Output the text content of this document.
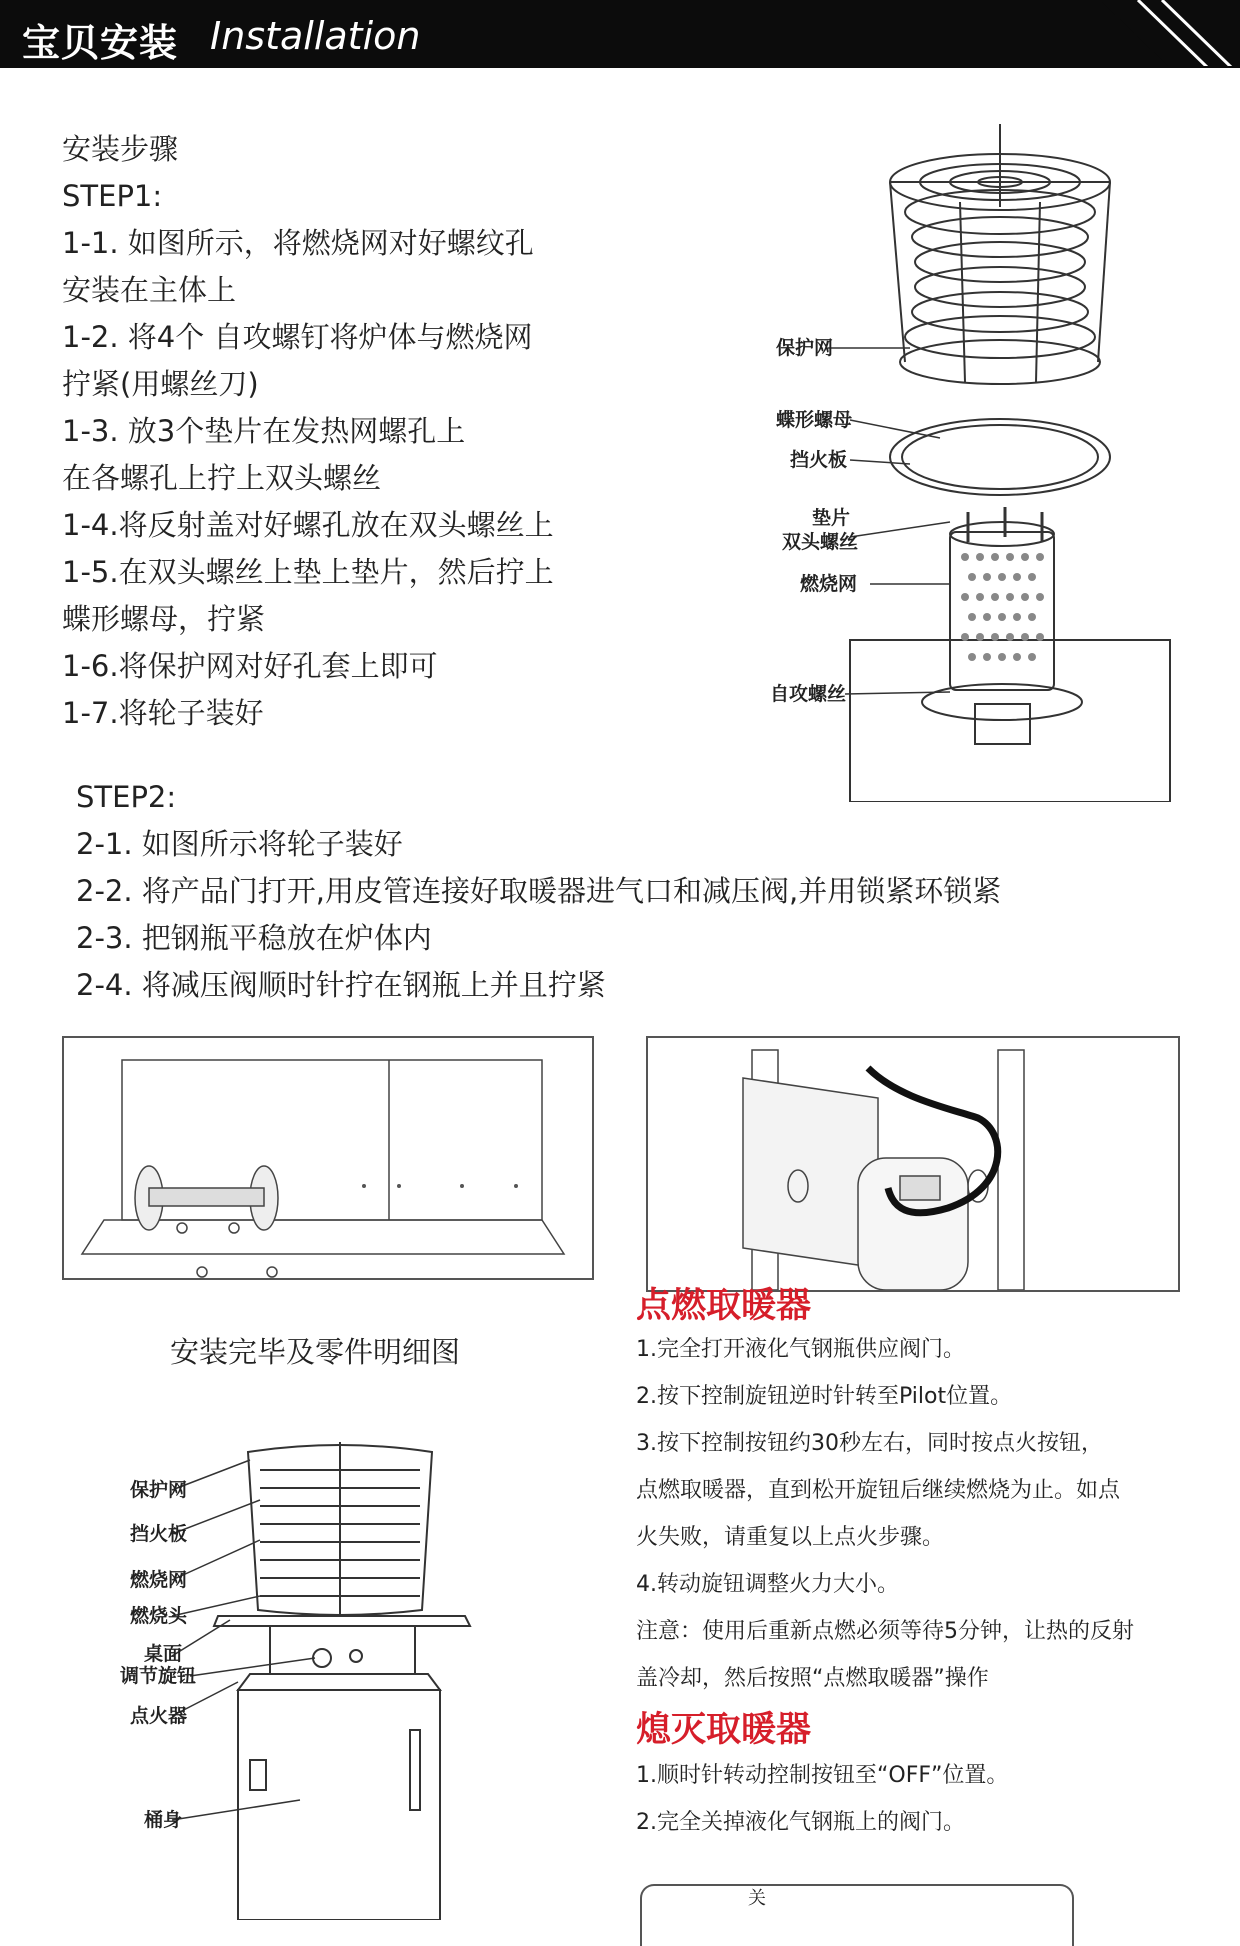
宝贝安装 Installation
安装步骤
STEP1:
1-1. 如图所示，将燃烧网对好螺纹孔
安装在主体上
1-2. 将4个 自攻螺钉将炉体与燃烧网
拧紧(用螺丝刀)
1-3. 放3个垫片在发热网螺孔上
在各螺孔上拧上双头螺丝
1-4.将反射盖对好螺孔放在双头螺丝上
1-5.在双头螺丝上垫上垫片，然后拧上
蝶形螺母，拧紧
1-6.将保护网对好孔套上即可
1-7.将轮子装好
保护网
蝶形螺母
挡火板
垫片
双头螺丝
燃烧网
自攻螺丝
STEP2:
2-1. 如图所示将轮子装好
2-2. 将产品门打开,用皮管连接好取暖器进气口和减压阀,并用锁紧环锁紧
2-3. 把钢瓶平稳放在炉体内
2-4. 将减压阀顺时针拧在钢瓶上并且拧紧
安装完毕及零件明细图
保护网
挡火板
燃烧网
燃烧头
桌面
调节旋钮
点火器
桶身
点燃取暖器
1.完全打开液化气钢瓶供应阀门。
2.按下控制旋钮逆时针转至Pilot位置。
3.按下控制按钮约30秒左右，同时按点火按钮，
点燃取暖器，直到松开旋钮后继续燃烧为止。如点
火失败，请重复以上点火步骤。
4.转动旋钮调整火力大小。
注意：使用后重新点燃必须等待5分钟，让热的反射
盖冷却，然后按照“点燃取暖器”操作
熄灭取暖器
1.顺时针转动控制按钮至“OFF”位置。
2.完全关掉液化气钢瓶上的阀门。
关
